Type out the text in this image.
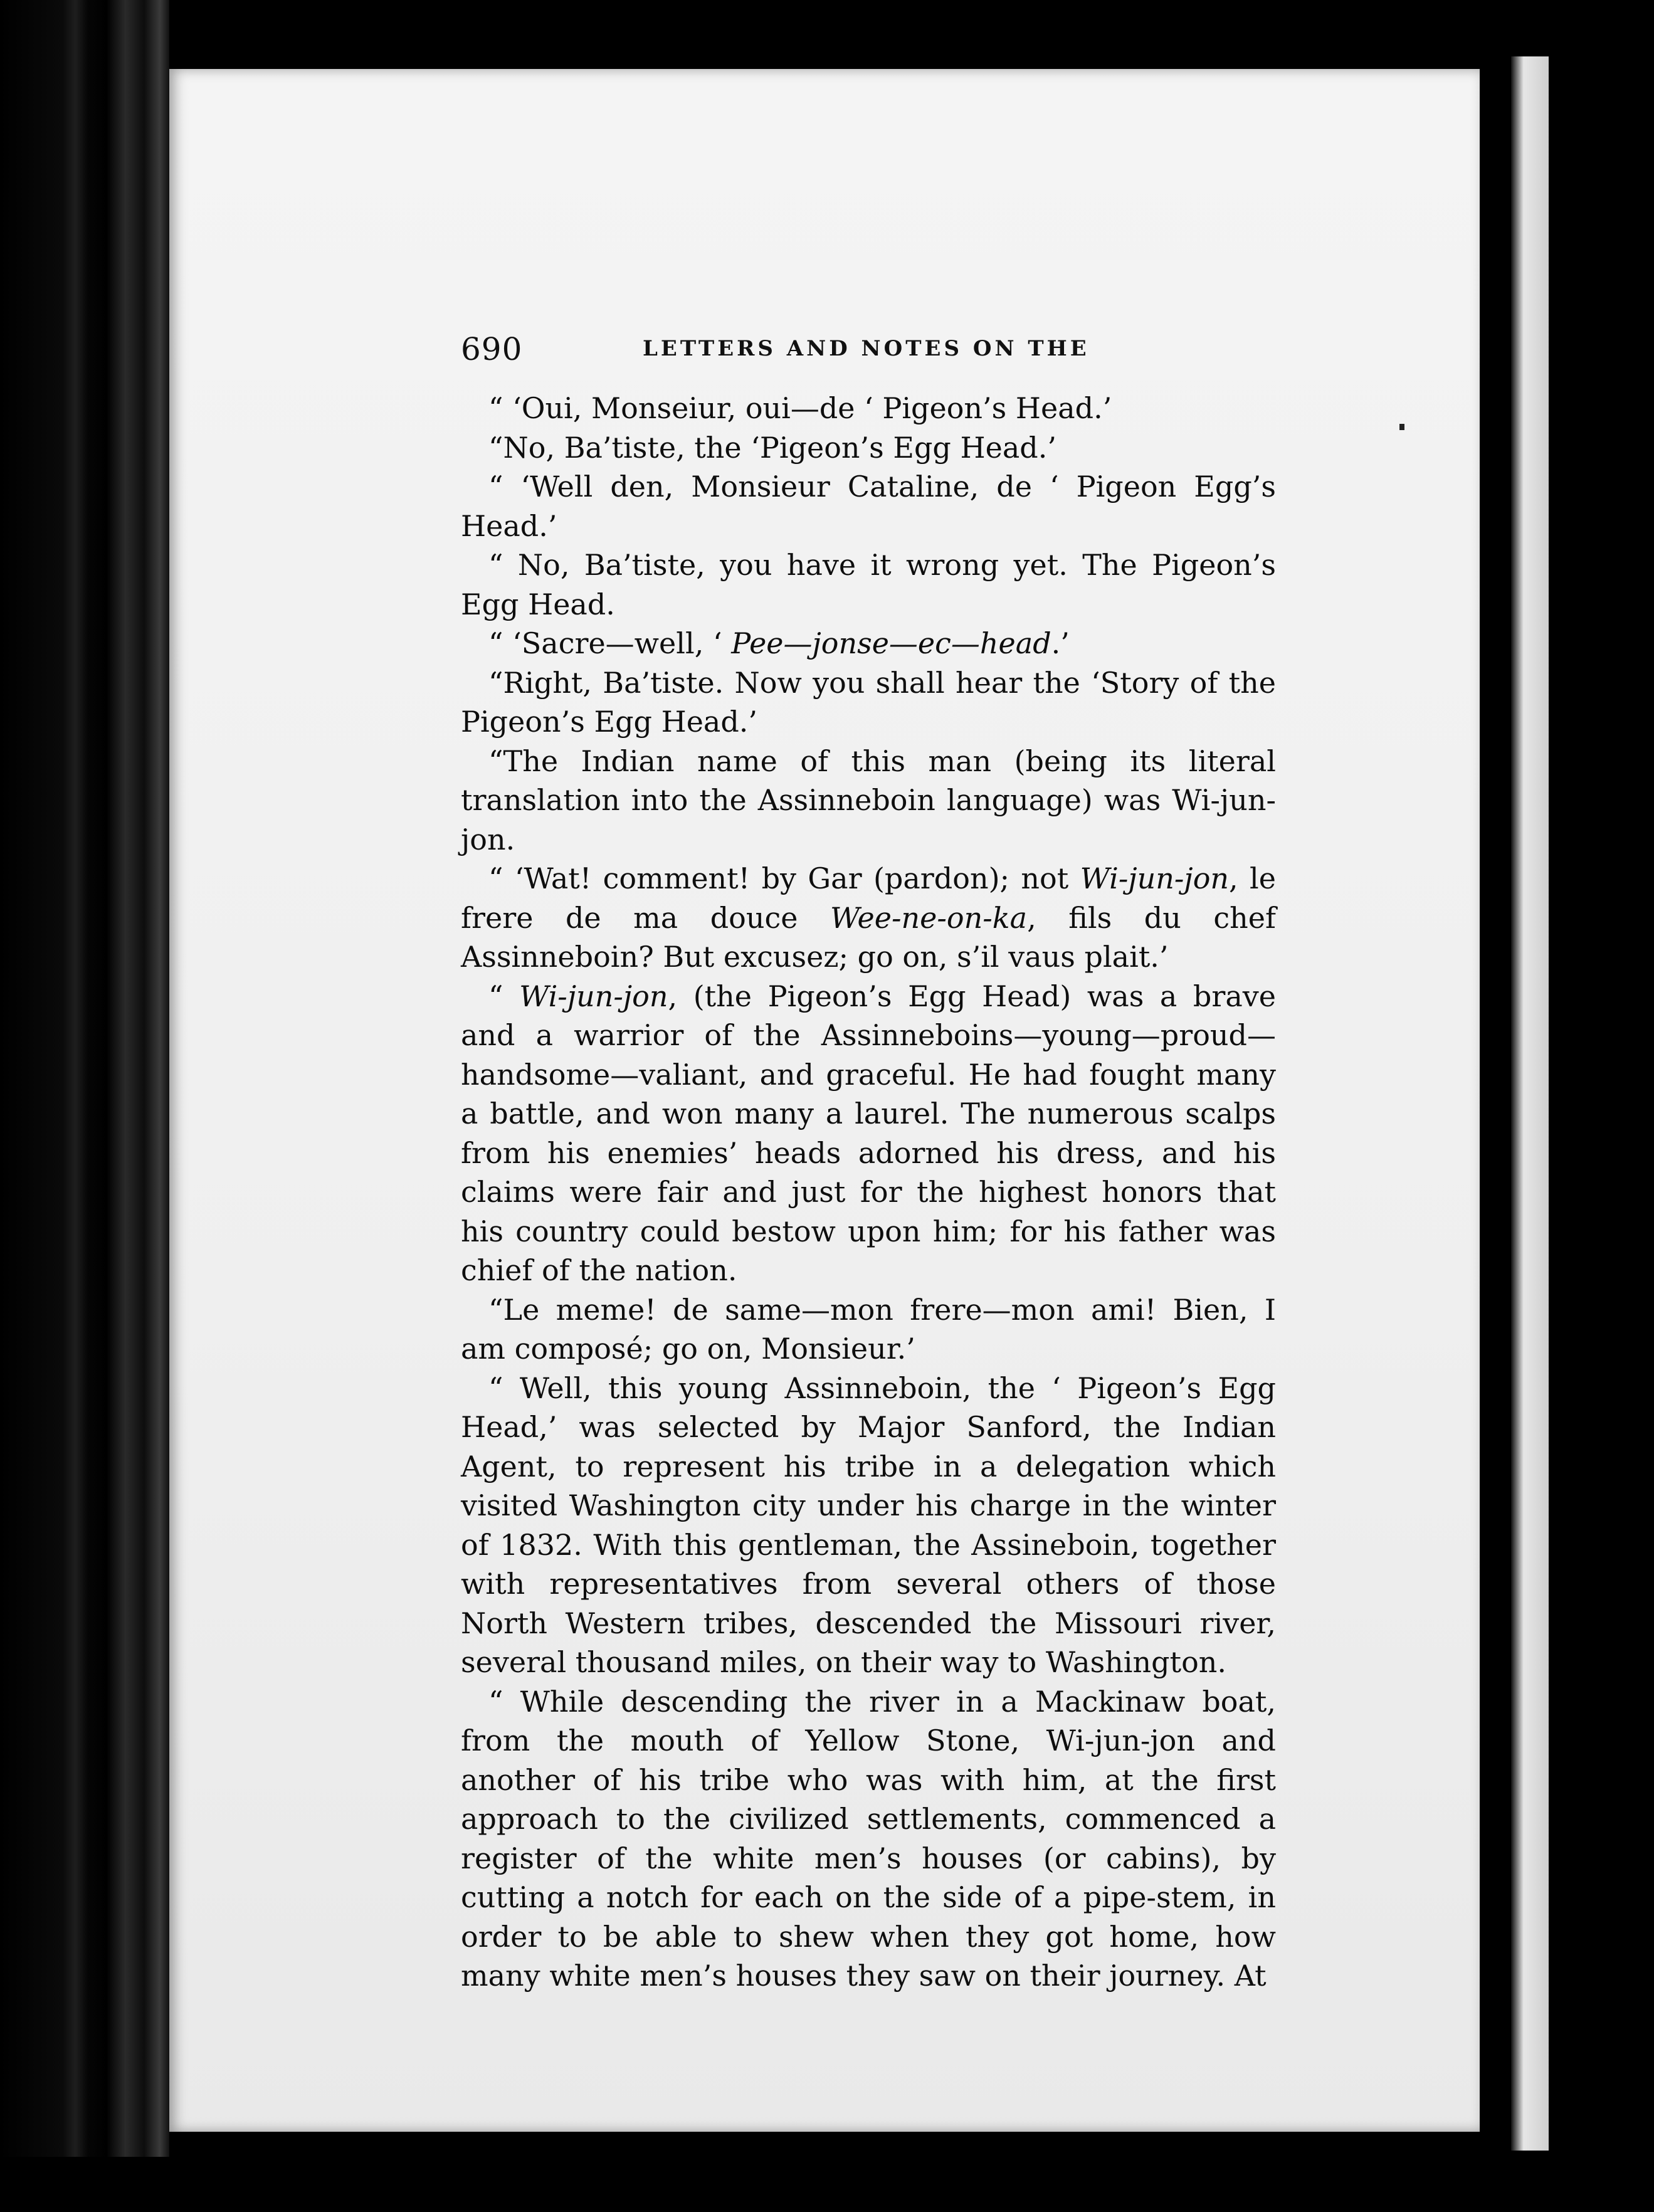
690	LETTERS AND NOTES ON THE

“ ‘Oui, Monseiur, oui—de ‘ Pigeon’s Head.’

“No, Ba’tiste, the ‘Pigeon’s Egg Head.’

“ ‘Well den, Monsieur Cataline, de ‘ Pigeon Egg’s Head.’

“ No, Ba’tiste, you have it wrong yet. The Pigeon’s Egg Head.

“ ‘Sacre—well, ‘ Pee—jonse—ec—head.’

“Right, Ba’tiste. Now you shall hear the ‘Story of the Pigeon’s Egg Head.’

“The Indian name of this man (being its literal translation into the Assinneboin language) was Wi-jun-jon.

“ ‘Wat! comment! by Gar (pardon); not Wi-jun-jon, le frere de ma douce Wee-ne-on-ka, fils du chef Assinneboin? But excusez; go on, s’il vaus plait.’

“ Wi-jun-jon, (the Pigeon’s Egg Head) was a brave and a warrior of the Assinneboins—young—proud—handsome—valiant, and graceful. He had fought many a battle, and won many a laurel. The numerous scalps from his enemies’ heads adorned his dress, and his claims were fair and just for the highest honors that his country could bestow upon him; for his father was chief of the nation.

“Le meme! de same—mon frere—mon ami! Bien, I am composé; go on, Monsieur.’

“ Well, this young Assinneboin, the ‘ Pigeon’s Egg Head,’ was selected by Major Sanford, the Indian Agent, to represent his tribe in a delegation which visited Washington city under his charge in the winter of 1832. With this gentleman, the Assineboin, together with representatives from several others of those North Western tribes, descended the Missouri river, several thousand miles, on their way to Washington.

“ While descending the river in a Mackinaw boat, from the mouth of Yellow Stone, Wi-jun-jon and another of his tribe who was with him, at the first approach to the civilized settlements, commenced a register of the white men’s houses (or cabins), by cutting a notch for each on the side of a pipe-stem, in order to be able to shew when they got home, how many white men’s houses they saw on their journey. At
